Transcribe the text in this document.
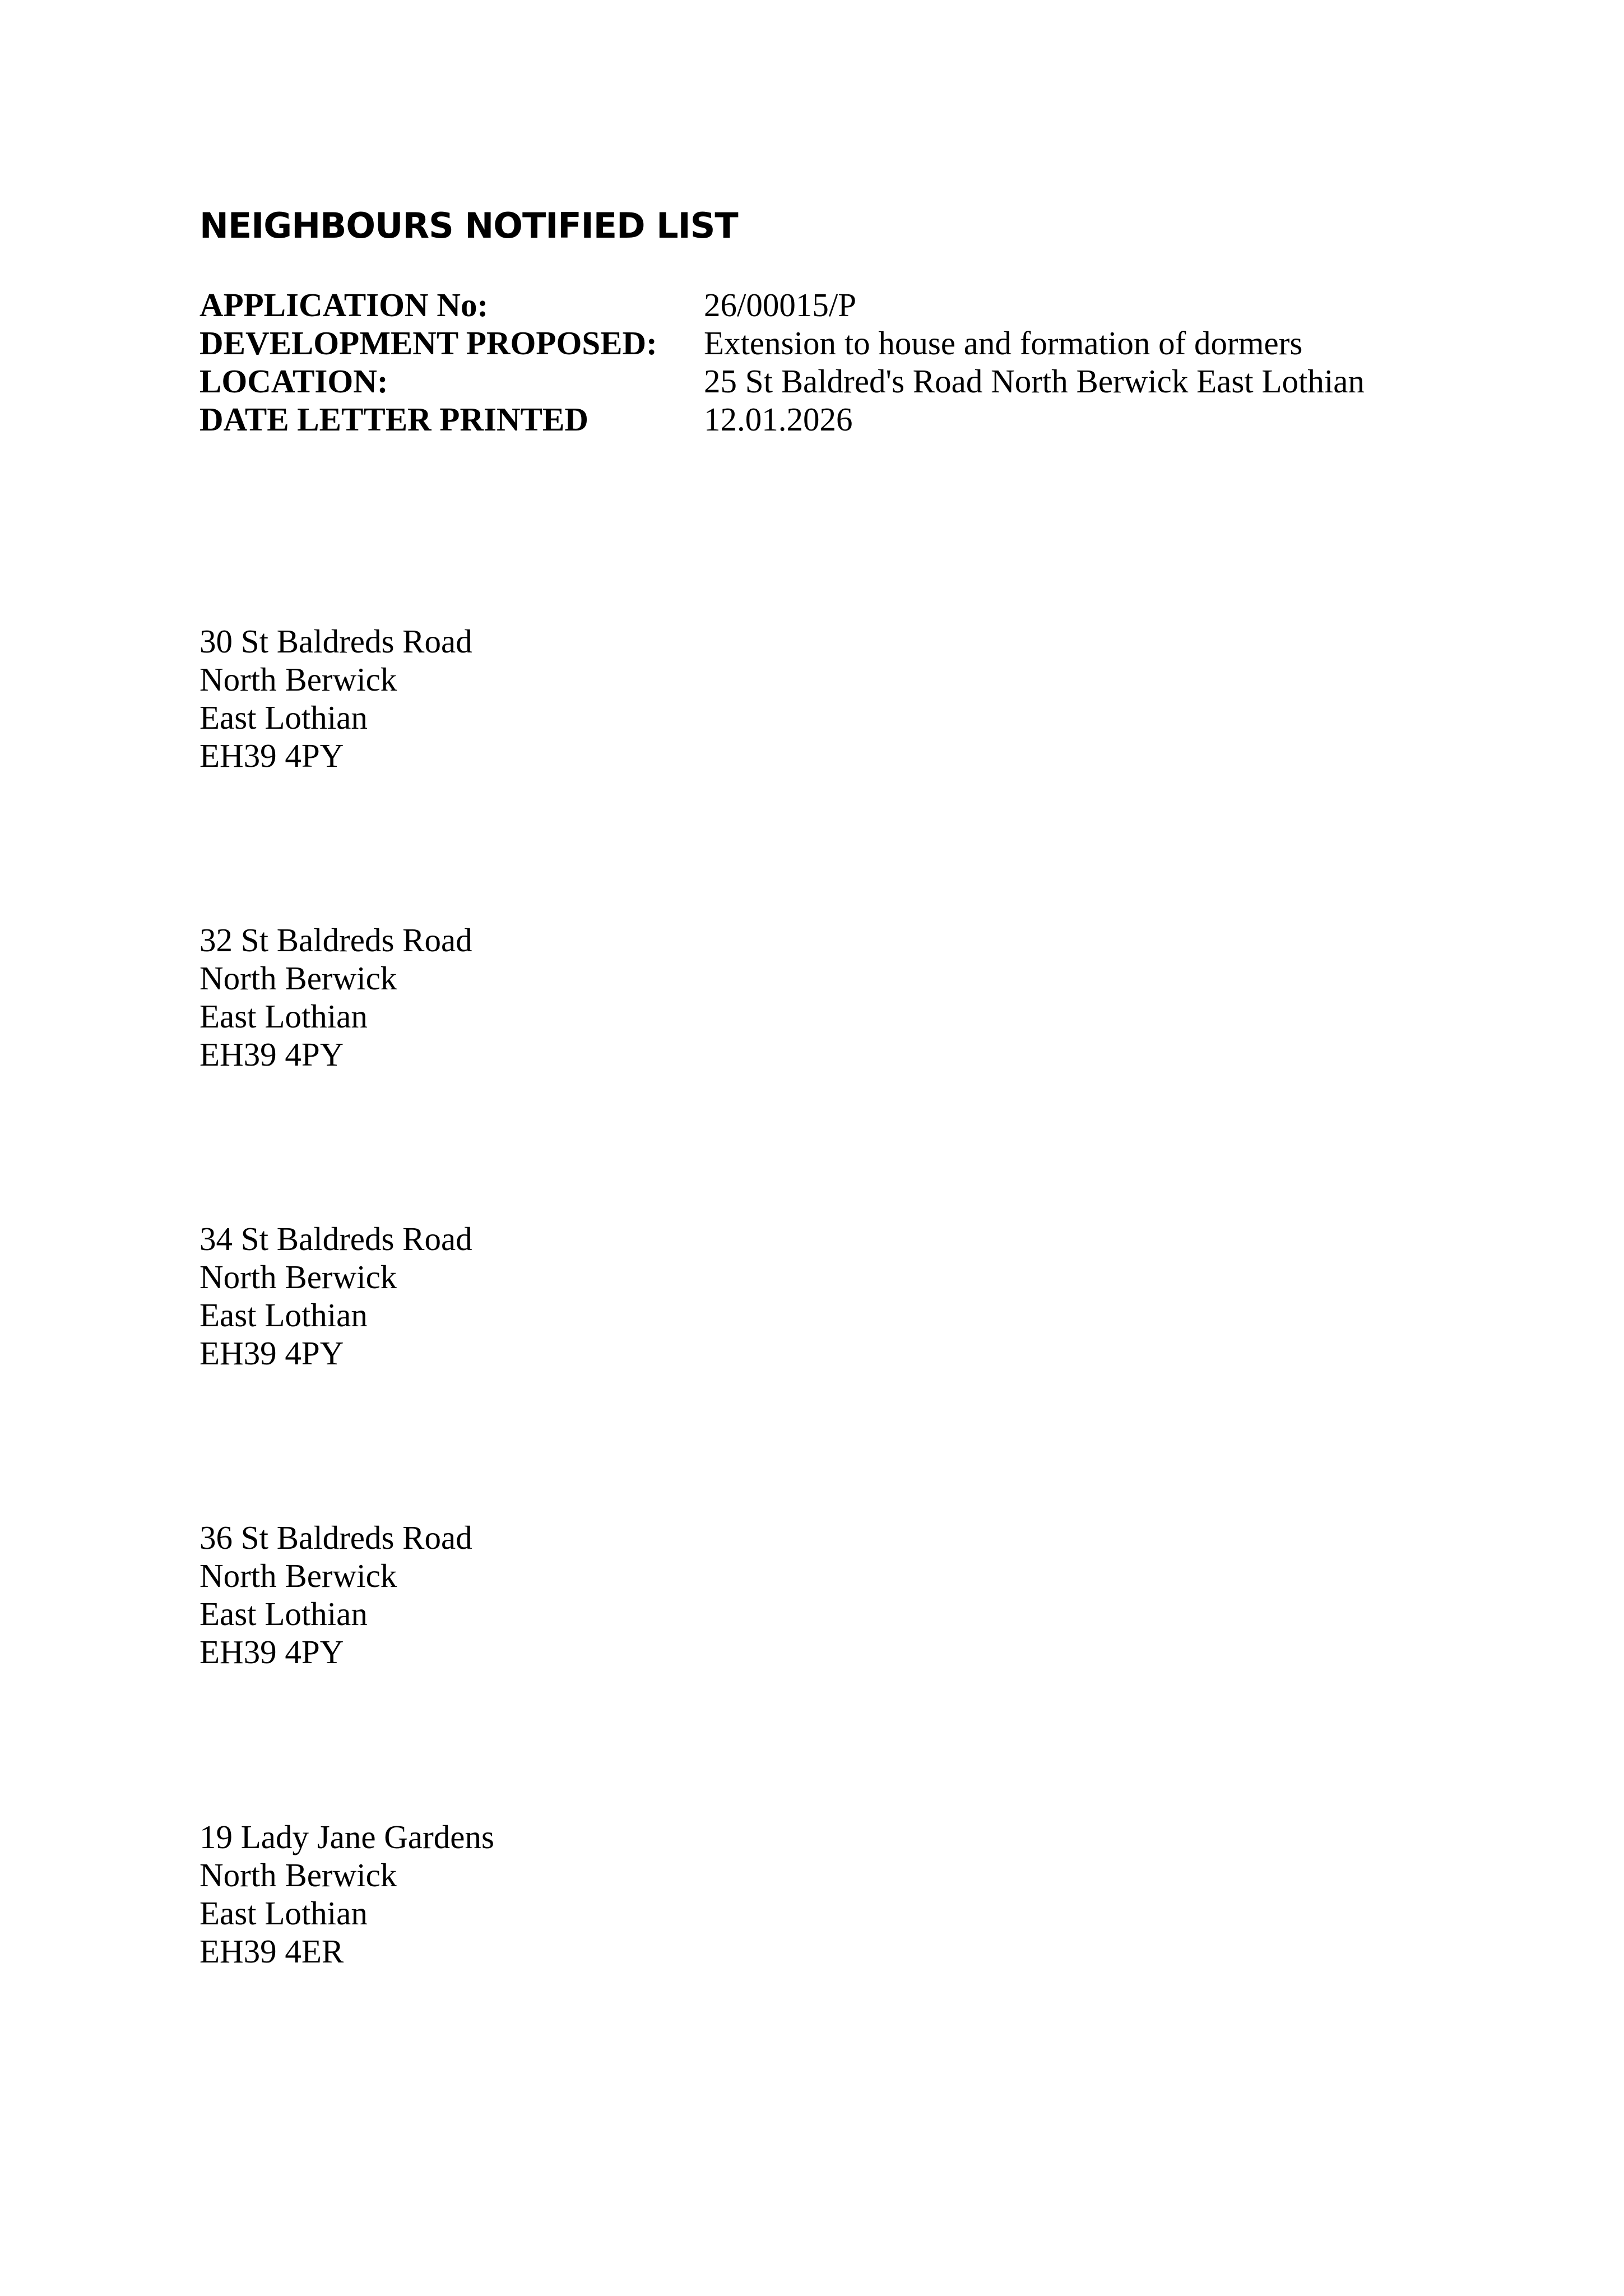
NEIGHBOURS NOTIFIED LIST
APPLICATION No:	26/00015/P
DEVELOPMENT PROPOSED:	Extension to house and formation of dormers
LOCATION:	25 St Baldred's Road North Berwick East Lothian
DATE LETTER PRINTED	12.01.2026
30 St Baldreds Road
North Berwick
East Lothian
EH39 4PY
32 St Baldreds Road
North Berwick
East Lothian
EH39 4PY
34 St Baldreds Road
North Berwick
East Lothian
EH39 4PY
36 St Baldreds Road
North Berwick
East Lothian
EH39 4PY
19 Lady Jane Gardens
North Berwick
East Lothian
EH39 4ER
